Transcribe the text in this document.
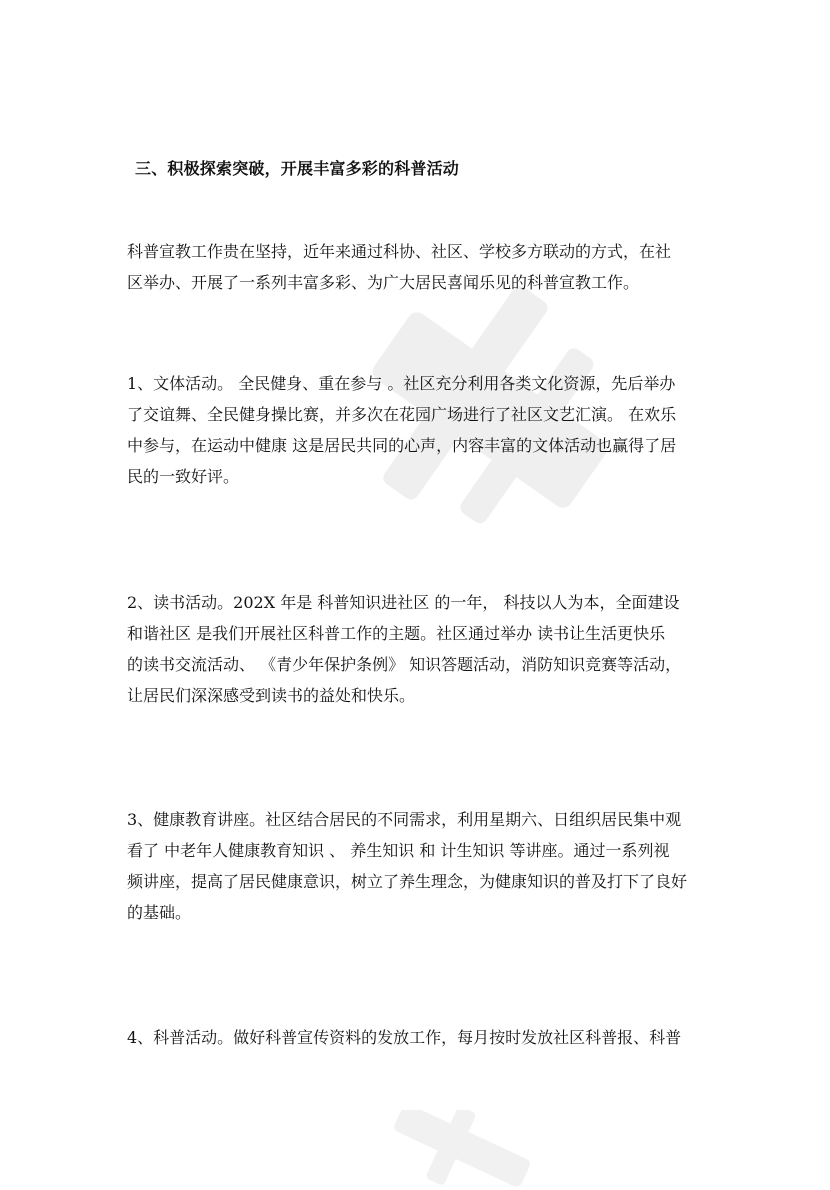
三、积极探索突破，开展丰富多彩的科普活动
科普宣教工作贵在坚持，近年来通过科协、社区、学校多方联动的方式，在社
区举办、开展了一系列丰富多彩、为广大居民喜闻乐见的科普宣教工作。
1、文体活动。 全民健身、重在参与 。社区充分利用各类文化资源，先后举办
了交谊舞、全民健身操比赛，并多次在花园广场进行了社区文艺汇演。 在欢乐
中参与，在运动中健康 这是居民共同的心声，内容丰富的文体活动也赢得了居
民的一致好评。
2、读书活动。202X 年是 科普知识进社区 的一年， 科技以人为本，全面建设
和谐社区 是我们开展社区科普工作的主题。社区通过举办 读书让生活更快乐
的读书交流活动、 《青少年保护条例》 知识答题活动，消防知识竞赛等活动，
让居民们深深感受到读书的益处和快乐。
3、健康教育讲座。社区结合居民的不同需求，利用星期六、日组织居民集中观
看了 中老年人健康教育知识 、 养生知识 和 计生知识 等讲座。通过一系列视
频讲座，提高了居民健康意识，树立了养生理念，为健康知识的普及打下了良好
的基础。
4、科普活动。做好科普宣传资料的发放工作，每月按时发放社区科普报、科普
